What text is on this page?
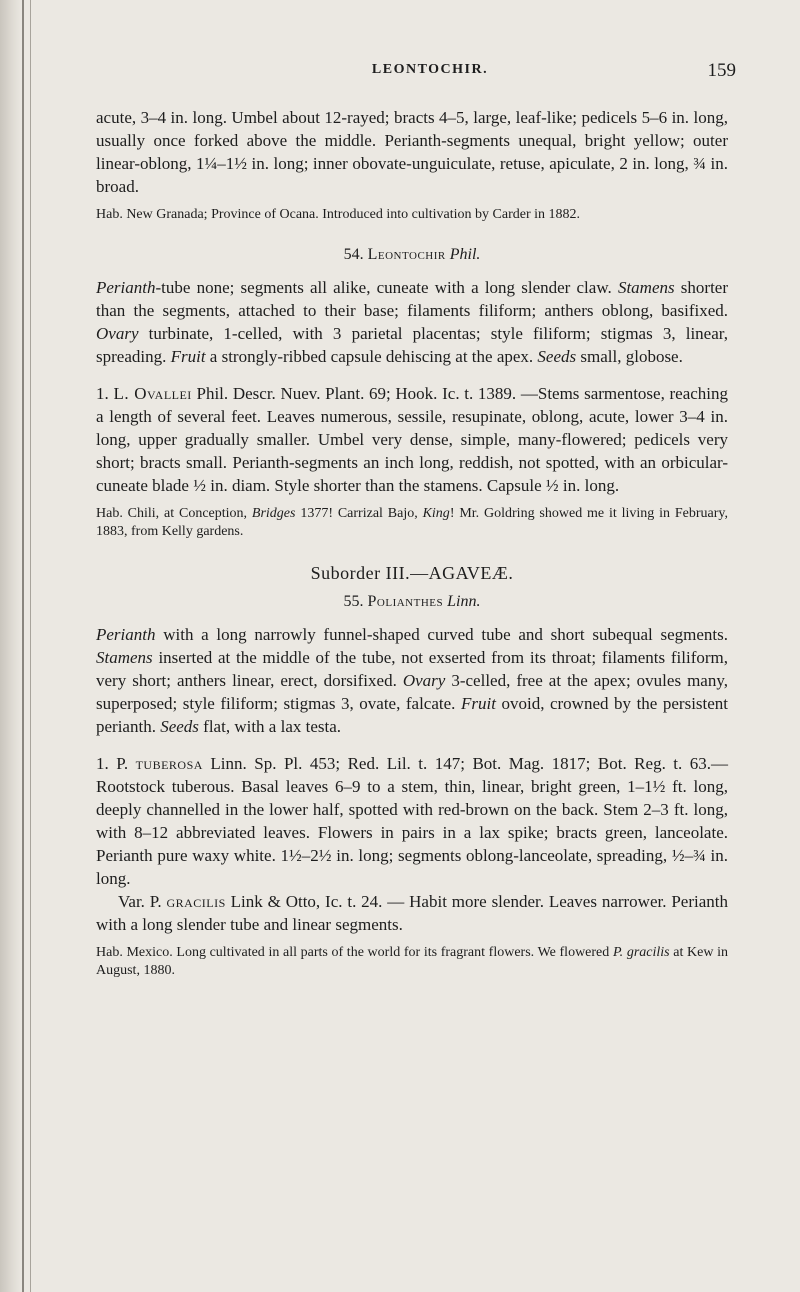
LEONTOCHIR.	159

acute, 3–4 in. long. Umbel about 12-rayed; bracts 4–5, large, leaf-like; pedicels 5–6 in. long, usually once forked above the middle. Perianth-segments unequal, bright yellow; outer linear-oblong, 1¼–1½ in. long; inner obovate-unguiculate, retuse, apiculate, 2 in. long, ¾ in. broad.

Hab. New Granada; Province of Ocana. Introduced into cultivation by Carder in 1882.

54. Leontochir Phil.

Perianth-tube none; segments all alike, cuneate with a long slender claw. Stamens shorter than the segments, attached to their base; filaments filiform; anthers oblong, basifixed. Ovary turbinate, 1-celled, with 3 parietal placentas; style filiform; stigmas 3, linear, spreading. Fruit a strongly-ribbed capsule dehiscing at the apex. Seeds small, globose.

1. L. Ovallei Phil. Descr. Nuev. Plant. 69; Hook. Ic. t. 1389. —Stems sarmentose, reaching a length of several feet. Leaves numerous, sessile, resupinate, oblong, acute, lower 3–4 in. long, upper gradually smaller. Umbel very dense, simple, many-flowered; pedicels very short; bracts small. Perianth-segments an inch long, reddish, not spotted, with an orbicular-cuneate blade ½ in. diam. Style shorter than the stamens. Capsule ½ in. long.

Hab. Chili, at Conception, Bridges 1377! Carrizal Bajo, King! Mr. Goldring showed me it living in February, 1883, from Kelly gardens.

Suborder III.—AGAVEÆ.

55. Polianthes Linn.

Perianth with a long narrowly funnel-shaped curved tube and short subequal segments. Stamens inserted at the middle of the tube, not exserted from its throat; filaments filiform, very short; anthers linear, erect, dorsifixed. Ovary 3-celled, free at the apex; ovules many, superposed; style filiform; stigmas 3, ovate, falcate. Fruit ovoid, crowned by the persistent perianth. Seeds flat, with a lax testa.

1. P. tuberosa Linn. Sp. Pl. 453; Red. Lil. t. 147; Bot. Mag. 1817; Bot. Reg. t. 63.— Rootstock tuberous. Basal leaves 6–9 to a stem, thin, linear, bright green, 1–1½ ft. long, deeply channelled in the lower half, spotted with red-brown on the back. Stem 2–3 ft. long, with 8–12 abbreviated leaves. Flowers in pairs in a lax spike; bracts green, lanceolate. Perianth pure waxy white. 1½–2½ in. long; segments oblong-lanceolate, spreading, ½–¾ in. long.

Var. P. gracilis Link & Otto, Ic. t. 24. — Habit more slender. Leaves narrower. Perianth with a long slender tube and linear segments.

Hab. Mexico. Long cultivated in all parts of the world for its fragrant flowers. We flowered P. gracilis at Kew in August, 1880.
